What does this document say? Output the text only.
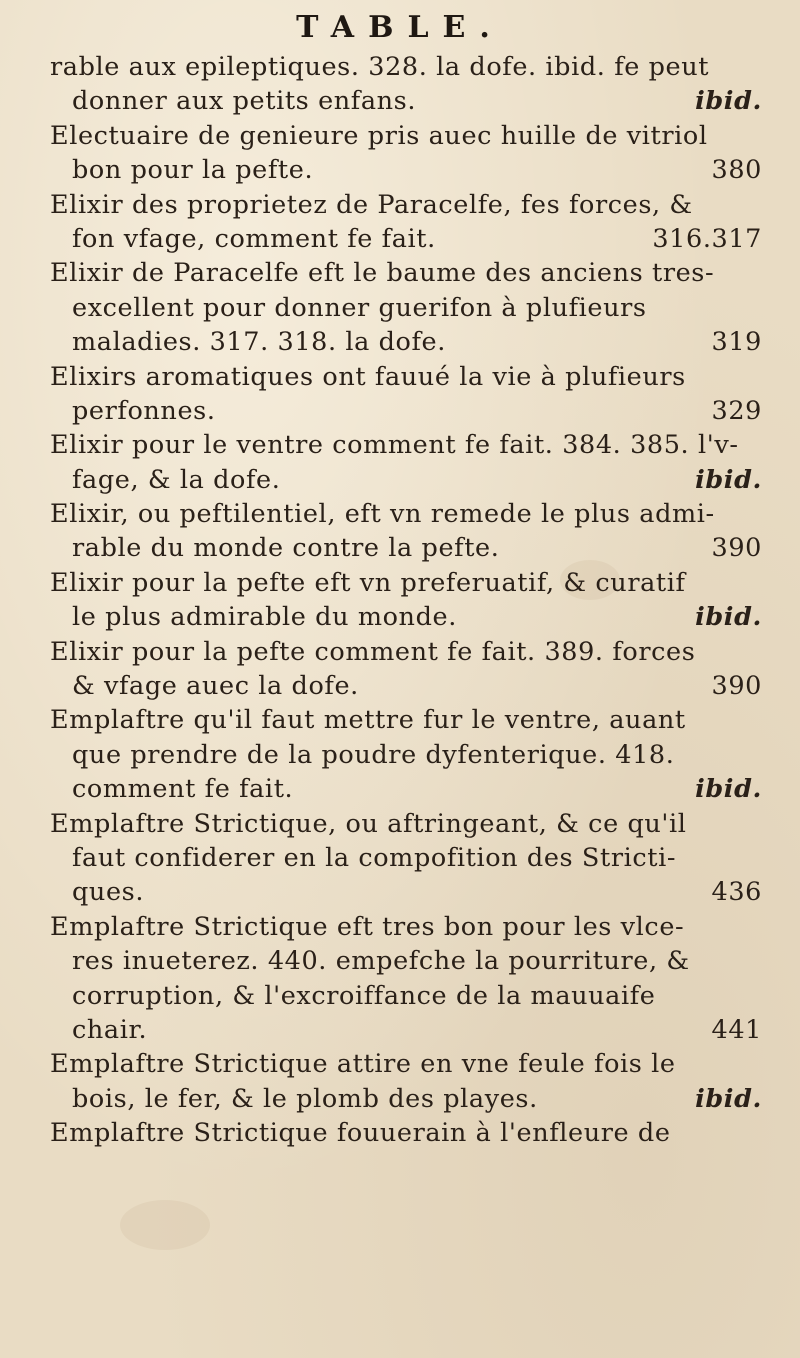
TABLE.
rable aux epileptiques. 328. la dofe. ibid. fe peut
donner aux petits enfans.	ibid.
Electuaire de genieure pris auec huille de vitriol
bon pour la pefte.	380
Elixir des proprietez de Paracelfe, fes forces, &
fon vfage, comment fe fait.	316.317
Elixir de Paracelfe eft le baume des anciens tres-
excellent pour donner guerifon à plufieurs
maladies. 317. 318. la dofe.	319
Elixirs aromatiques ont fauué la vie à plufieurs
perfonnes.	329
Elixir pour le ventre comment fe fait. 384. 385. l'v-
fage, & la dofe.	ibid.
Elixir, ou peftilentiel, eft vn remede le plus admi-
rable du monde contre la pefte.	390
Elixir pour la pefte eft vn preferuatif, & curatif
le plus admirable du monde.	ibid.
Elixir pour la pefte comment fe fait. 389. forces
& vfage auec la dofe.	390
Emplaftre qu'il faut mettre fur le ventre, auant
que prendre de la poudre dyfenterique. 418.
comment fe fait.	ibid.
Emplaftre Strictique, ou aftringeant, & ce qu'il
faut confiderer en la compofition des Stricti-
ques.	436
Emplaftre Strictique eft tres bon pour les vlce-
res inueterez. 440. empefche la pourriture, &
corruption, & l'excroiffance de la mauuaife
chair.	441
Emplaftre Strictique attire en vne feule fois le
bois, le fer, & le plomb des playes.	ibid.
Emplaftre Strictique fouuerain à l'enfleure de
